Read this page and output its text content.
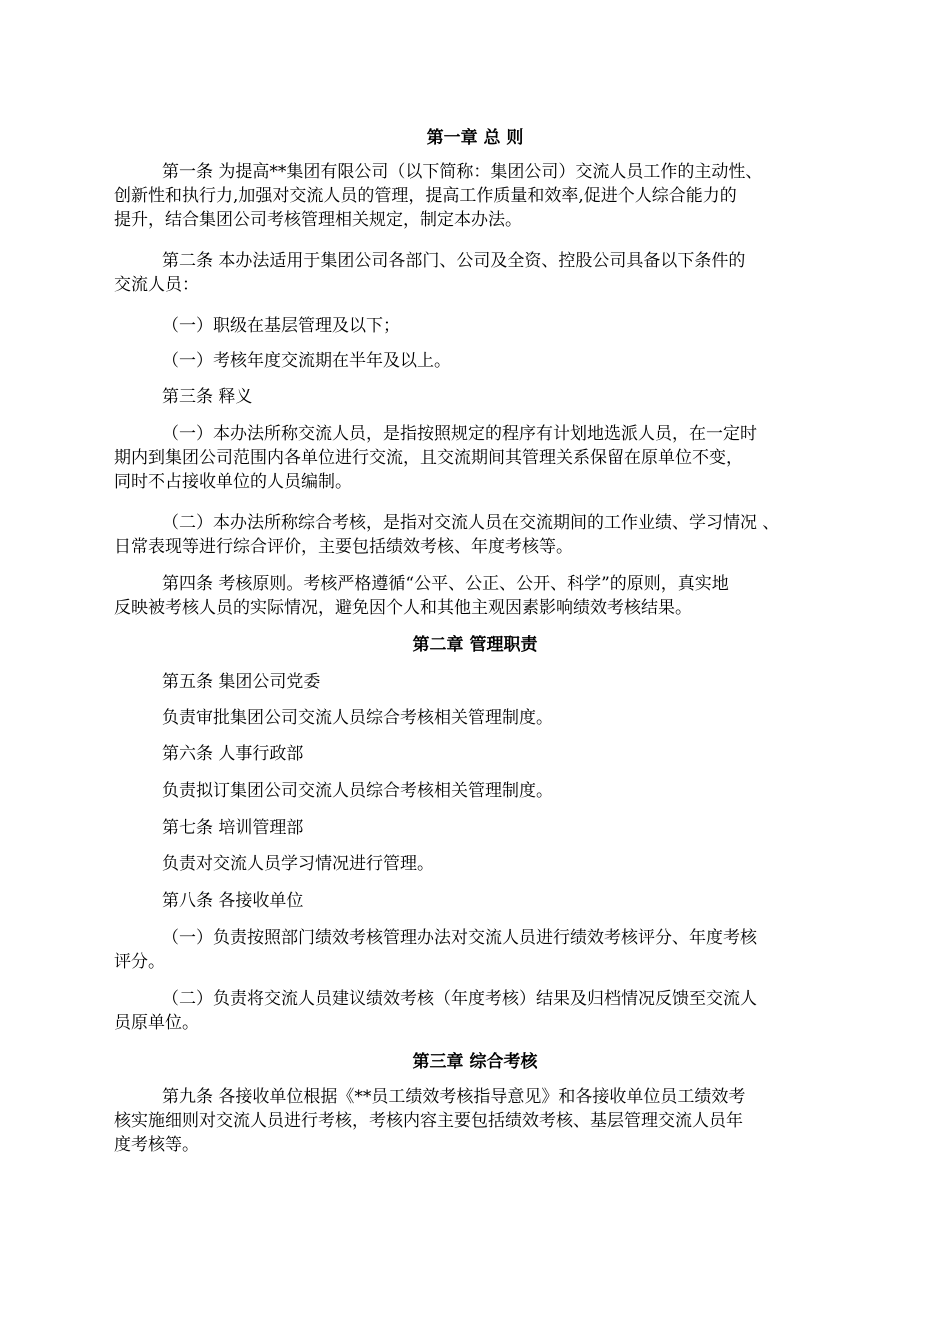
第一章 总 则
第一条 为提高**集团有限公司（以下简称：集团公司）交流人员工作的主动性、
创新性和执行力,加强对交流人员的管理，提高工作质量和效率,促进个人综合能力的
提升，结合集团公司考核管理相关规定，制定本办法。
第二条 本办法适用于集团公司各部门、公司及全资、控股公司具备以下条件的
交流人员：
（一）职级在基层管理及以下；
（一）考核年度交流期在半年及以上。
第三条 释义
（一）本办法所称交流人员，是指按照规定的程序有计划地选派人员，在一定时
期内到集团公司范围内各单位进行交流，且交流期间其管理关系保留在原单位不变，
同时不占接收单位的人员编制。
（二）本办法所称综合考核，是指对交流人员在交流期间的工作业绩、学习情况 、
日常表现等进行综合评价，主要包括绩效考核、年度考核等。
第四条 考核原则。考核严格遵循“公平、公正、公开、科学”的原则，真实地
反映被考核人员的实际情况，避免因个人和其他主观因素影响绩效考核结果。
第二章 管理职责
第五条 集团公司党委
负责审批集团公司交流人员综合考核相关管理制度。
第六条 人事行政部
负责拟订集团公司交流人员综合考核相关管理制度。
第七条 培训管理部
负责对交流人员学习情况进行管理。
第八条 各接收单位
（一）负责按照部门绩效考核管理办法对交流人员进行绩效考核评分、年度考核
评分。
（二）负责将交流人员建议绩效考核（年度考核）结果及归档情况反馈至交流人
员原单位。
第三章 综合考核
第九条 各接收单位根据《**员工绩效考核指导意见》和各接收单位员工绩效考
核实施细则对交流人员进行考核，考核内容主要包括绩效考核、基层管理交流人员年
度考核等。
